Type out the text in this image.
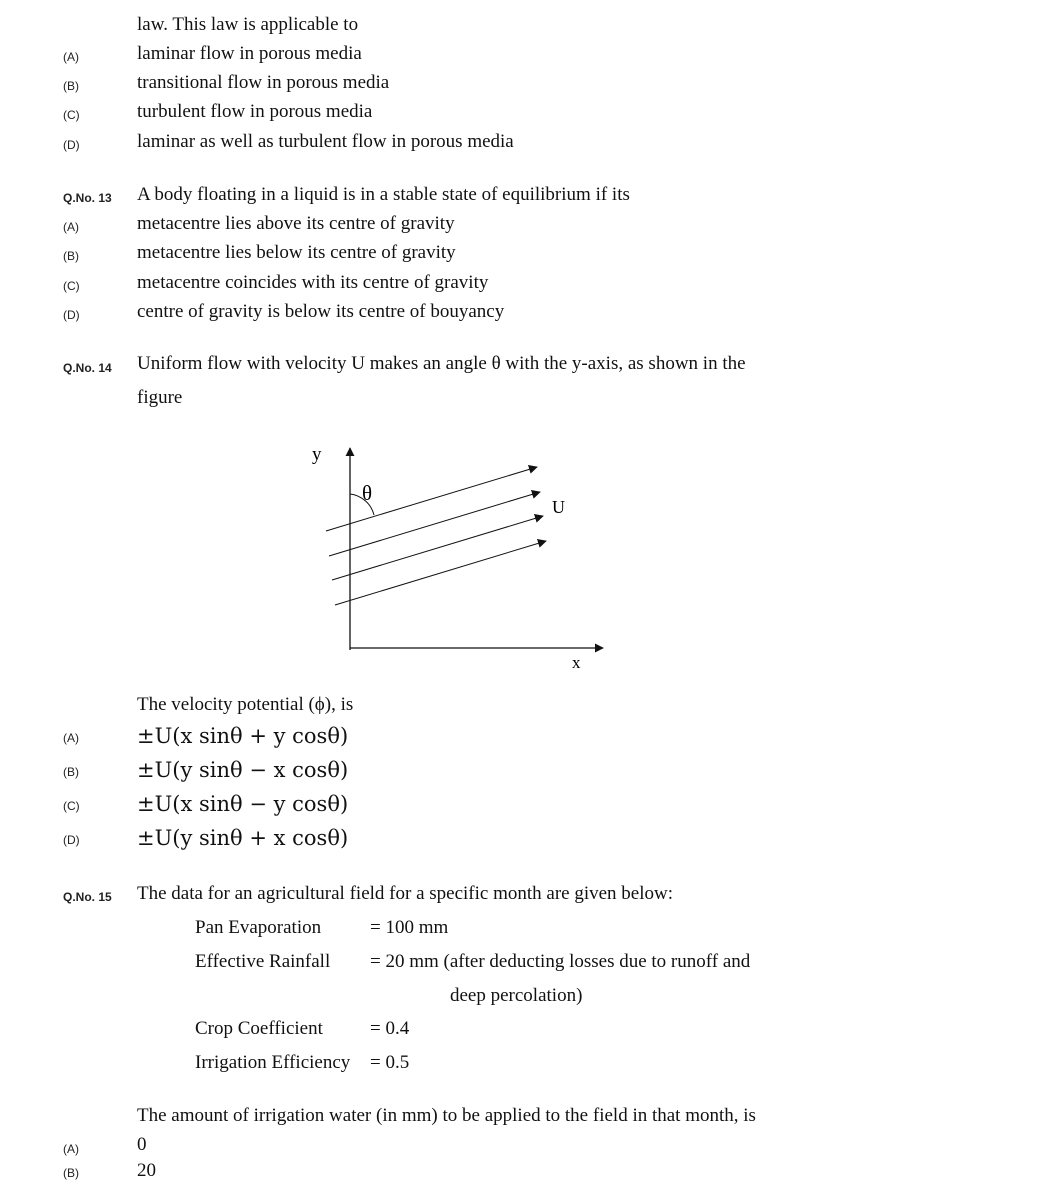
law. This law is applicable to
(A)	laminar flow in porous media
(B)	transitional flow in porous media
(C)	turbulent flow in porous media
(D)	laminar as well as turbulent flow in porous media
Q.No. 13 A body floating in a liquid is in a stable state of equilibrium if its
(A)	metacentre lies above its centre of gravity
(B)	metacentre lies below its centre of gravity
(C)	metacentre coincides with its centre of gravity
(D)	centre of gravity is below its centre of bouyancy
Q.No. 14 Uniform flow with velocity U makes an angle θ with the y-axis, as shown in the
figure
y
x
θ
U
The velocity potential (ϕ), is
(A)	±U(x sinθ + y cosθ)
(B)	±U(y sinθ − x cosθ)
(C)	±U(x sinθ − y cosθ)
(D)	±U(y sinθ + x cosθ)
Q.No. 15 The data for an agricultural field for a specific month are given below:
Pan Evaporation	= 100 mm
Effective Rainfall = 20 mm (after deducting losses due to runoff and
deep percolation)
Crop Coefficient = 0.4
Irrigation Efficiency = 0.5
The amount of irrigation water (in mm) to be applied to the field in that month, is
(A)	0
(B)	20
